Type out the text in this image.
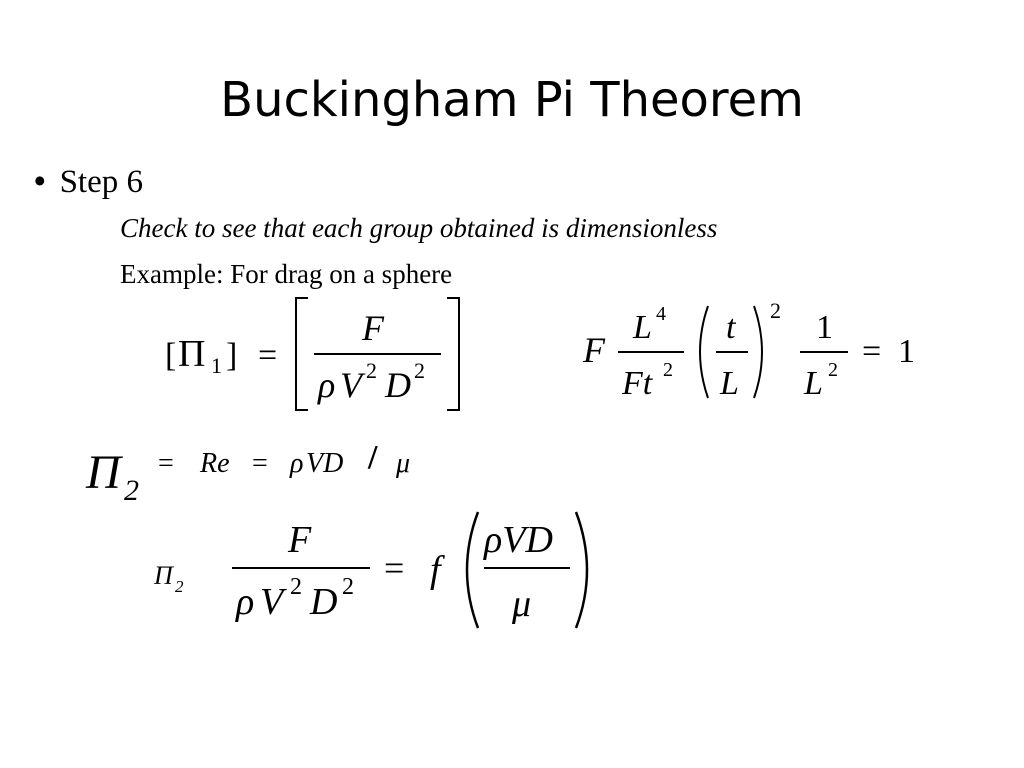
Buckingham Pi Theorem
• Step 6
Check to see that each group obtained is dimensionless
Example: For drag on a sphere
[ Π 1 ] =
F
ρ V 2 D 2
F
L 4
Ft 2
t
L
2 1
L 2 = 1
Π 2
= Re = ρ VD / μ
Π 2
F
ρ V 2 D 2 = f
ρVD
μ
